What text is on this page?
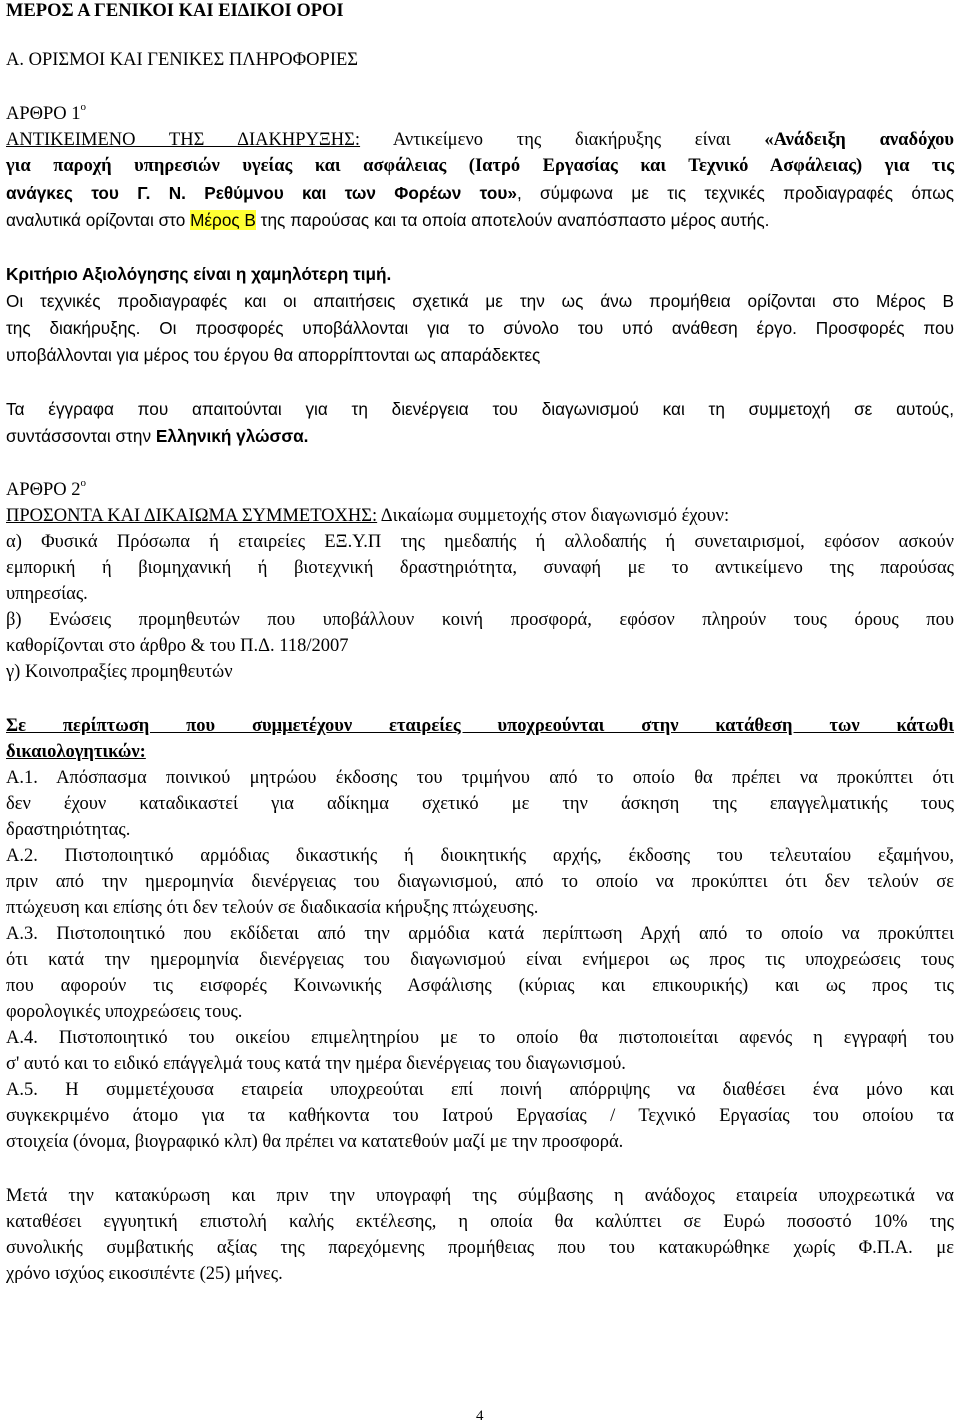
ΜΕΡΟΣ Α ΓΕΝΙΚΟΙ ΚΑΙ ΕΙΔΙΚΟΙ ΟΡΟΙ
Α. ΟΡΙΣΜΟΙ ΚΑΙ ΓΕΝΙΚΕΣ ΠΛΗΡΟΦΟΡΙΕΣ
ΑΡΘΡΟ $1^o$
ΑΝΤΙΚΕΙΜΕΝΟ ΤΗΣ ΔΙΑΚΗΡΥΞΗΣ: Αντικείμενο της διακήρυξης είναι «Ανάδειξη αναδόχου
για παροχή υπηρεσιών υγείας και ασφάλειας (Ιατρό Εργασίας και Τεχνικό Ασφάλειας) για τις
ανάγκες του Γ. Ν. Ρεθύμνου και των Φορέων του», σύμφωνα με τις τεχνικές προδιαγραφές όπως
αναλυτικά ορίζονται στο Μέρος Β της παρούσας και τα οποία αποτελούν αναπόσπαστο μέρος αυτής.
Κριτήριο Αξιολόγησης είναι η χαμηλότερη τιμή.
Οι τεχνικές προδιαγραφές και οι απαιτήσεις σχετικά με την ως άνω προμήθεια ορίζονται στο Μέρος Β
της διακήρυξης. Οι προσφορές υποβάλλονται για το σύνολο του υπό ανάθεση έργο. Προσφορές που
υποβάλλονται για μέρος του έργου θα απορρίπτονται ως απαράδεκτες
Τα έγγραφα που απαιτούνται για τη διενέργεια του διαγωνισμού και τη συμμετοχή σε αυτούς,
συντάσσονται στην Ελληνική γλώσσα.
ΑΡΘΡΟ $2^o$
ΠΡΟΣΟΝΤΑ ΚΑΙ ΔΙΚΑΙΩΜΑ ΣΥΜΜΕΤΟΧΗΣ: Δικαίωμα συμμετοχής στον διαγωνισμό έχουν:
α) Φυσικά Πρόσωπα ή εταιρείες ΕΞ.Υ.Π της ημεδαπής ή αλλοδαπής ή συνεταιρισμοί, εφόσον ασκούν
εμπορική ή βιομηχανική ή βιοτεχνική δραστηριότητα, συναφή με το αντικείμενο της παρούσας
υπηρεσίας.
β) Ενώσεις προμηθευτών που υποβάλλουν κοινή προσφορά, εφόσον πληρούν τους όρους που
καθορίζονται στο άρθρο & του Π.Δ. 118/2007
γ) Κοινοπραξίες προμηθευτών
Σε περίπτωση που συμμετέχουν εταιρείες υποχρεούνται στην κατάθεση των κάτωθι
δικαιολογητικών:
Α.1. Απόσπασμα ποινικού μητρώου έκδοσης του τριμήνου από το οποίο θα πρέπει να προκύπτει ότι
δεν έχουν καταδικαστεί για αδίκημα σχετικό με την άσκηση της επαγγελματικής τους
δραστηριότητας.
Α.2. Πιστοποιητικό αρμόδιας δικαστικής ή διοικητικής αρχής, έκδοσης του τελευταίου εξαμήνου,
πριν από την ημερομηνία διενέργειας του διαγωνισμού, από το οποίο να προκύπτει ότι δεν τελούν σε
πτώχευση και επίσης ότι δεν τελούν σε διαδικασία κήρυξης πτώχευσης.
Α.3. Πιστοποιητικό που εκδίδεται από την αρμόδια κατά περίπτωση Αρχή από το οποίο να προκύπτει
ότι κατά την ημερομηνία διενέργειας του διαγωνισμού είναι ενήμεροι ως προς τις υποχρεώσεις τους
που αφορούν τις εισφορές Κοινωνικής Ασφάλισης (κύριας και επικουρικής) και ως προς τις
φορολογικές υποχρεώσεις τους.
Α.4. Πιστοποιητικό του οικείου επιμελητηρίου με το οποίο θα πιστοποιείται αφενός η εγγραφή του
σ' αυτό και το ειδικό επάγγελμά τους κατά την ημέρα διενέργειας του διαγωνισμού.
Α.5. Η συμμετέχουσα εταιρεία υποχρεούται επί ποινή απόρριψης να διαθέσει ένα μόνο και
συγκεκριμένο άτομο για τα καθήκοντα του Ιατρού Εργασίας / Τεχνικό Εργασίας του οποίου τα
στοιχεία (όνομα, βιογραφικό κλπ) θα πρέπει να κατατεθούν μαζί με την προσφορά.
Μετά την κατακύρωση και πριν την υπογραφή της σύμβασης η ανάδοχος εταιρεία υποχρεωτικά να
καταθέσει εγγυητική επιστολή καλής εκτέλεσης, η οποία θα καλύπτει σε Ευρώ ποσοστό 10% της
συνολικής συμβατικής αξίας της παρεχόμενης προμήθειας που του κατακυρώθηκε χωρίς Φ.Π.Α. με
χρόνο ισχύος εικοσιπέντε (25) μήνες.
4
